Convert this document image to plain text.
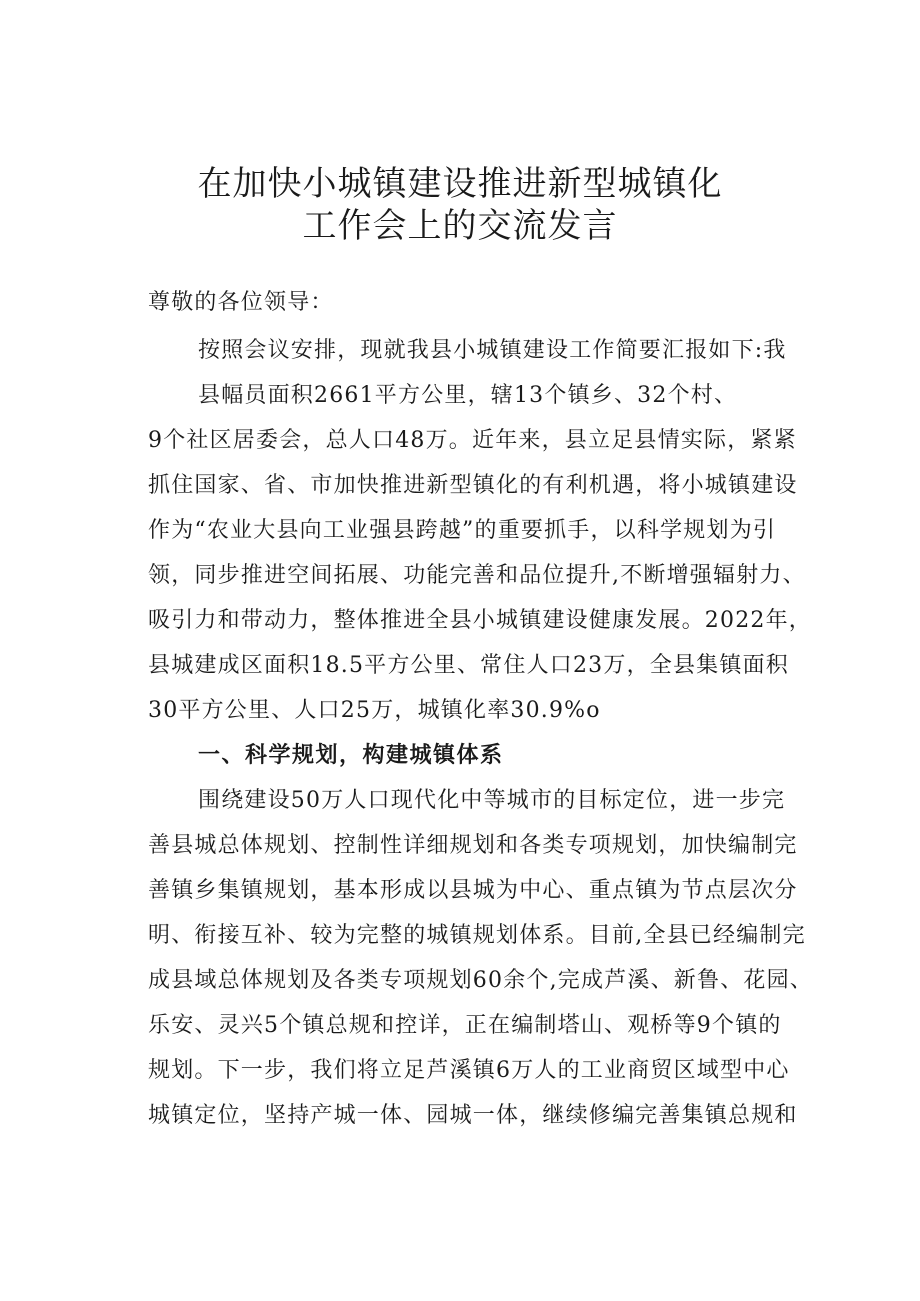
在加快小城镇建设推进新型城镇化
工作会上的交流发言
尊敬的各位领导：
按照会议安排，现就我县小城镇建设工作简要汇报如下:我
县幅员面积2661平方公里，辖13个镇乡、32个村、
9个社区居委会，总人口48万。近年来，县立足县情实际，紧紧
抓住国家、省、市加快推进新型镇化的有利机遇，将小城镇建设
作为“农业大县向工业强县跨越”的重要抓手，以科学规划为引
领，同步推进空间拓展、功能完善和品位提升,不断增强辐射力、
吸引力和带动力，整体推进全县小城镇建设健康发展。2022年，
县城建成区面积18.5平方公里、常住人口23万，全县集镇面积
30平方公里、人口25万，城镇化率30.9%o
一、科学规划，构建城镇体系
围绕建设50万人口现代化中等城市的目标定位，进一步完
善县城总体规划、控制性详细规划和各类专项规划，加快编制完
善镇乡集镇规划，基本形成以县城为中心、重点镇为节点层次分
明、衔接互补、较为完整的城镇规划体系。目前,全县已经编制完
成县域总体规划及各类专项规划60余个,完成芦溪、新鲁、花园、
乐安、灵兴5个镇总规和控详，正在编制塔山、观桥等9个镇的
规划。下一步，我们将立足芦溪镇6万人的工业商贸区域型中心
城镇定位，坚持产城一体、园城一体，继续修编完善集镇总规和
